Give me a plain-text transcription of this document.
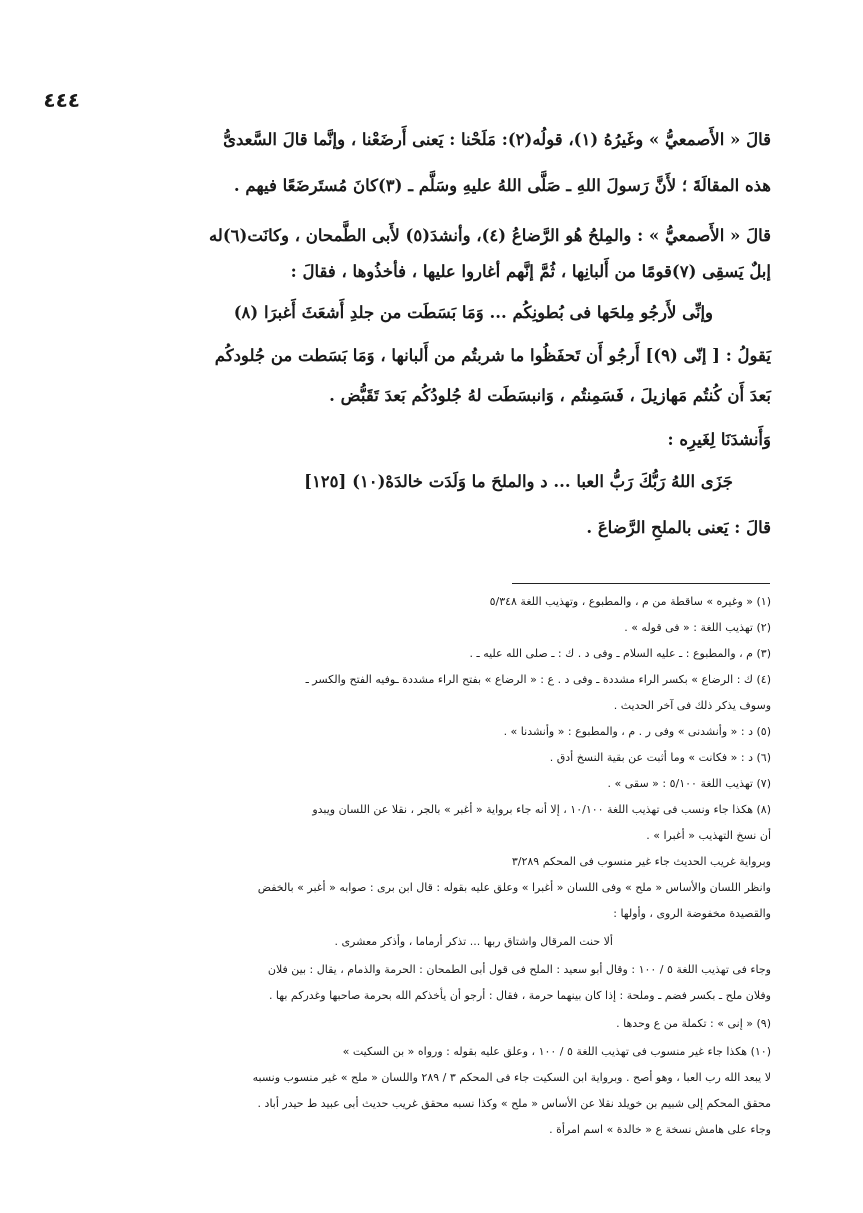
٤٤٤
قالَ « الأَصمعيُّ » وغَيرُهُ (١)، قولُه(٢): مَلَحْنا : يَعنى أَرضَعْنا ، وإنَّما قالَ السَّعدىُّ
هذه المقالَةَ ؛ لأَنَّ رَسولَ اللهِ ـ صَلَّى اللهُ عليهِ وسَلَّم ـ (٣)كانَ مُستَرضَعًا فيهم .
قالَ « الأَصمعيُّ » : والمِلحُ هُو الرَّضاعُ (٤)، وأنشدَ(٥) لأَبى الطَّمحان ، وكانَت(٦)له
إبلٌ يَسقِى (٧)قومًا من أَلبانِها ، ثُمَّ إنَّهم أغاروا عليها ، فأخذُوها ، فقالَ :
وإنِّى لأَرجُو مِلحَها فى بُطونِكُم ... وَمَا بَسَطَت من جلدِ أَشعَثَ أَغبرَا (٨)
يَقولُ : [ إنّى (٩)] أَرجُو أَن تَحفَظُوا ما شربتُم من أَلبانها ، وَمَا بَسَطت من جُلودكُم
بَعدَ أَن كُنتُم مَهازيلَ ، فَسَمِنتُم ، وَانبسَطَت لهُ جُلودُكُم بَعدَ تَقَبُّض .
وَأَنشدَنَا لِغَيرِه :
جَزَى اللهُ رَبُّكَ رَبُّ العبا ... د والملحَ ما وَلَدَت خالدَهْ(١٠) [١٢٥]
قالَ : يَعنى بالملحِ الرَّضاعَ .
(١) « وغيره » ساقطة من م ، والمطبوع ، وتهذيب اللغة ٥/٣٤٨
(٢) تهذيب اللغة : « فى قوله » .
(٣) م ، والمطبوع : ـ عليه السلام ـ وفى د . ك : ـ صلى الله عليه ـ .
(٤) ك : الرضاع » بكسر الراء مشددة ـ وفى د . ع : « الرضاع » بفتح الراء مشددة ـوفيه الفتح والكسر ـ
وسوف يذكر ذلك فى آخر الحديث .
(٥) د : « وأنشدنى » وفى ر . م ، والمطبوع : « وأنشدنا » .
(٦) د : « فكانت » وما أثبت عن بقية النسخ أدق .
(٧) تهذيب اللغة ٥/١٠٠ : « سقى » .
(٨) هكذا جاء ونسب فى تهذيب اللغة ١٠/١٠٠ ، إلا أنه جاء برواية « أغبر » بالجر ، نقلا عن اللسان ويبدو
أن نسخ التهذيب « أغبرا » .
وبرواية غريب الحديث جاء غير منسوب فى المحكم ٣/٢٨٩
وانظر اللسان والأساس « ملح » وفى اللسان « أغبرا » وعلق عليه بقوله : قال ابن برى : صوابه « أغبر » بالخفض
والقصيدة مخفوضة الروى ، وأولها :
ألا حنت المرقال واشتاق ربها ... تذكر أرماما ، وأذكر معشرى .
وجاء فى تهذيب اللغة ٥ / ١٠٠ : وقال أبو سعيد : الملح فى قول أبى الطمحان : الحرمة والذمام ، يقال : بين فلان
وفلان ملح ـ بكسر فضم ـ وملحة : إذا كان بينهما حرمة ، فقال : أرجو أن يأخذكم الله بحرمة صاحبها وغدركم بها .
(٩) « إنى » : تكملة من ع وحدها .
(١٠) هكذا جاء غير منسوب فى تهذيب اللغة ٥ / ١٠٠ ، وعلق عليه بقوله : ورواه « بن السكيت »
لا يبعد الله رب العبا ، وهو أصح . وبرواية ابن السكيت جاء فى المحكم ٣ / ٢٨٩ واللسان « ملح » غير منسوب ونسبه
محقق المحكم إلى شبيم بن خويلد نقلا عن الأساس « ملح » وكذا نسبه محقق غريب حديث أبى عبيد ط حيدر أباد .
وجاء على هامش نسخة ع « خالدة » اسم امرأة .
